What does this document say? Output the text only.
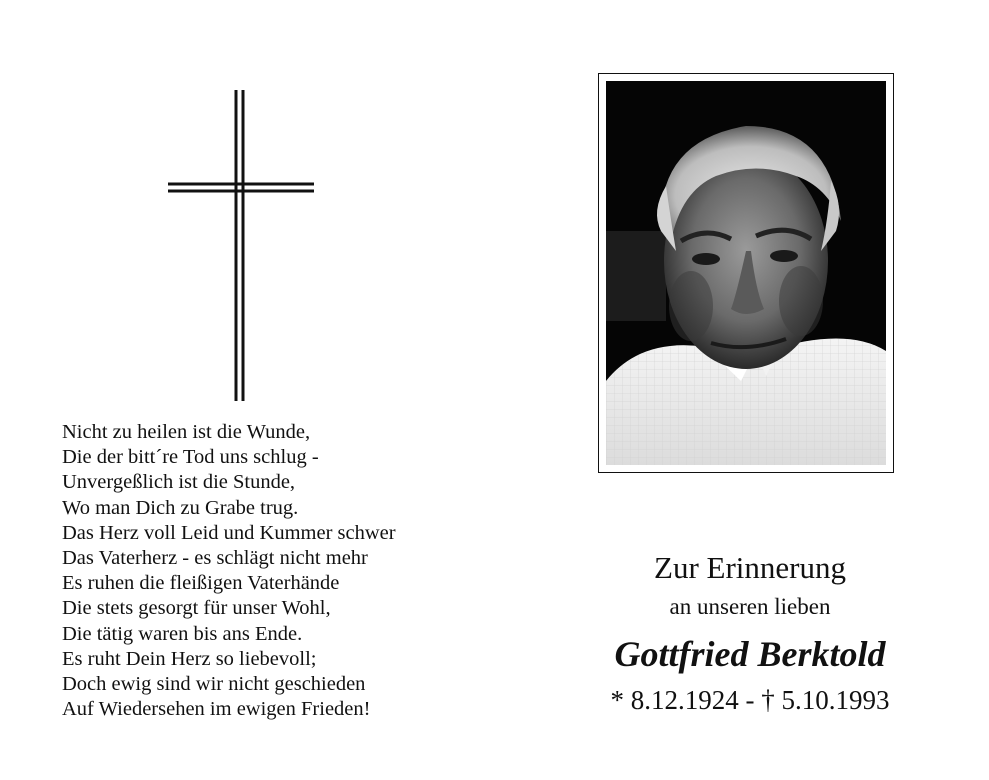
Nicht zu heilen ist die Wunde,
Die der bitt´re Tod uns schlug -
Unvergeßlich ist die Stunde,
Wo man Dich zu Grabe trug.
Das Herz voll Leid und Kummer schwer
Das Vaterherz - es schlägt nicht mehr
Es ruhen die fleißigen Vaterhände
Die stets gesorgt für unser Wohl,
Die tätig waren bis ans Ende.
Es ruht Dein Herz so liebevoll;
Doch ewig sind wir nicht geschieden
Auf Wiedersehen im ewigen Frieden!
Zur Erinnerung
an unseren lieben
Gottfried Berktold
* 8.12.1924 - † 5.10.1993
